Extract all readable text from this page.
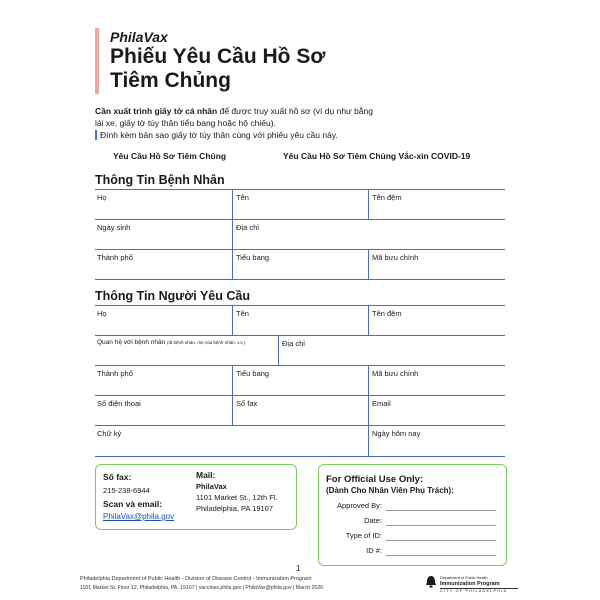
PhilaVax
Phiếu Yêu Cầu Hồ Sơ
Tiêm Chủng
Cần xuất trình giấy tờ cá nhân để được truy xuất hồ sơ (ví dụ như bằng
lái xe, giấy tờ tùy thân tiểu bang hoặc hộ chiếu).
Đính kèm bản sao giấy tờ tùy thân cùng với phiếu yêu cầu này.
Yêu Cầu Hồ Sơ Tiêm Chủng	Yêu Cầu Hồ Sơ Tiêm Chủng Vắc-xin COVID-19
Thông Tin Bệnh Nhân
Họ	Tên	Tên đệm
Ngày sinh	Địa chỉ
Thành phố	Tiểu bang	Mã bưu chính
Thông Tin Người Yêu Cầu
Họ	Tên	Tên đệm
Quan hệ với bệnh nhân (tã bệnh nhân, mẹ của bệnh nhân, v.v.)	Địa chỉ
Thành phố	Tiểu bang	Mã bưu chính
Số điện thoại	Số fax	Email
Chữ ký	Ngày hôm nay
Số fax:
215-238-6944
Scan và email:
PhilaVax@phila.gov
Mail:
PhilaVax
1101 Market St., 12th Fl.
Philadelphia, PA 19107
For Official Use Only:
(Dành Cho Nhân Viên Phụ Trách):
Approved By:
Date:
Type of ID:
ID #:
1
Philadelphia Department of Public Health - Division of Disease Control - Immunization Program
1101 Market St. Floor 12, Philadelphia, PA, 19107 | vaccines.phila.gov | PhilaVax@phila.gov | March 2026
Department of Public Health
Immunization Program
CITY OF PHILADELPHIA
